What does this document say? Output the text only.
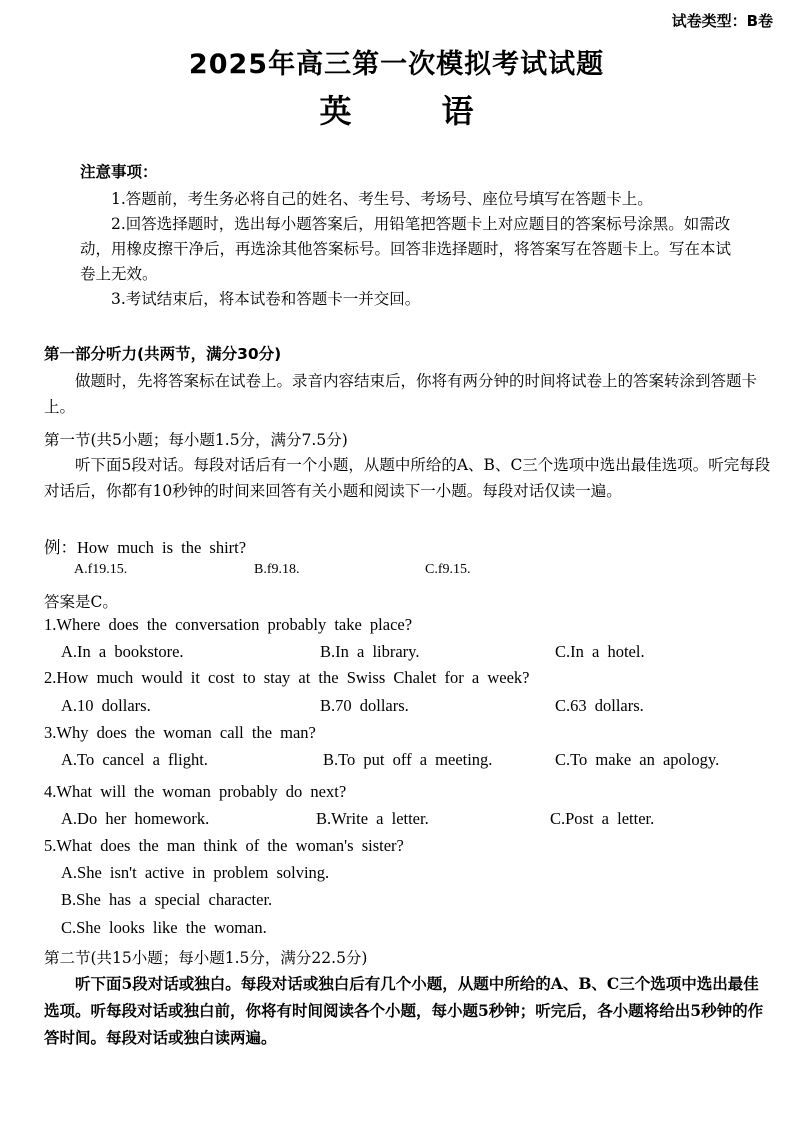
试卷类型：B卷
2025年高三第一次模拟考试试题
英语
注意事项：
1.答题前，考生务必将自己的姓名、考生号、考场号、座位号填写在答题卡上。
2.回答选择题时，选出每小题答案后，用铅笔把答题卡上对应题目的答案标号涂黑。如需改动，用橡皮擦干净后，再选涂其他答案标号。回答非选择题时，将答案写在答题卡上。写在本试卷上无效。
3.考试结束后，将本试卷和答题卡一并交回。
第一部分听力(共两节，满分30分)
做题时，先将答案标在试卷上。录音内容结束后，你将有两分钟的时间将试卷上的答案转涂到答题卡上。
第一节(共5小题；每小题1.5分，满分7.5分)
听下面5段对话。每段对话后有一个小题，从题中所给的A、B、C三个选项中选出最佳选项。听完每段对话后，你都有10秒钟的时间来回答有关小题和阅读下一小题。每段对话仅读一遍。
例：How much is the shirt?
A.f19.15.	B.f9.18.	C.f9.15.
答案是C。
1.Where does the conversation probably take place?
A.In a bookstore.	B.In a library.	C.In a hotel.
2.How much would it cost to stay at the Swiss Chalet for a week?
A.10 dollars.	B.70 dollars.	C.63 dollars.
3.Why does the woman call the man?
A.To cancel a flight.	B.To put off a meeting.	C.To make an apology.
4.What will the woman probably do next?
A.Do her homework.	B.Write a letter.	C.Post a letter.
5.What does the man think of the woman's sister?
A.She isn't active in problem solving.
B.She has a special character.
C.She looks like the woman.
第二节(共15小题；每小题1.5分，满分22.5分)
听下面5段对话或独白。每段对话或独白后有几个小题，从题中所给的A、B、C三个选项中选出最佳选项。听每段对话或独白前，你将有时间阅读各个小题，每小题5秒钟；听完后，各小题将给出5秒钟的作答时间。每段对话或独白读两遍。
